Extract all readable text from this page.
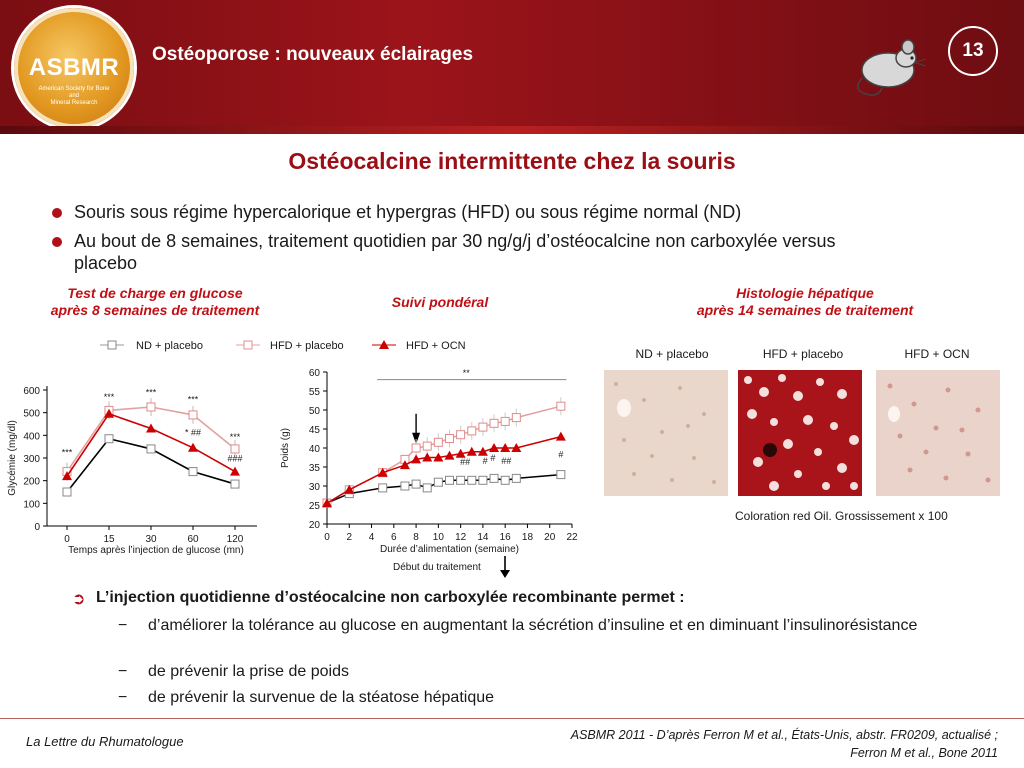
ASBMR
American Society for Bone
and
Mineral Research
Ostéoporose : nouveaux éclairages	13
Ostéocalcine intermittente chez la souris
Souris sous régime hypercalorique et hypergras (HFD) ou sous régime normal (ND)
Au bout de 8 semaines, traitement quotidien par 30 ng/g/j d’ostéocalcine non carboxylée versus placebo
Test de charge en glucose
après 8 semaines de traitement	Suivi pondéral
Histologie hépatique
après 14 semaines de traitement
ND + placebo	HFD + placebo	HFD + OCN
0
100
200
300
400
500
600
0	15	30	60	120
Temps après l’injection de glucose (mn)
Glycémie (mg/dl)	***
***	***
***
* ##	***
###
20
25
30
35
40
45
50
55
60
0 2 4 6 8 10 12 14 16 18 20 22
Durée d’alimentation (semaine)
Poids (g)
**
## # # ##
#
Début du traitement
ND + placebo	HFD + placebo	HFD + OCN
Coloration red Oil. Grossissement x 100
➲ L’injection quotidienne d’ostéocalcine non carboxylée recombinante permet :
− d’améliorer la tolérance au glucose en augmentant la sécrétion d’insuline et en diminuant l’insulinorésistance
− de prévenir la prise de poids
− de prévenir la survenue de la stéatose hépatique
La Lettre du Rhumatologue	ASBMR 2011 - D’après Ferron M et al., États-Unis, abstr. FR0209, actualisé ;
Ferron M et al., Bone 2011
